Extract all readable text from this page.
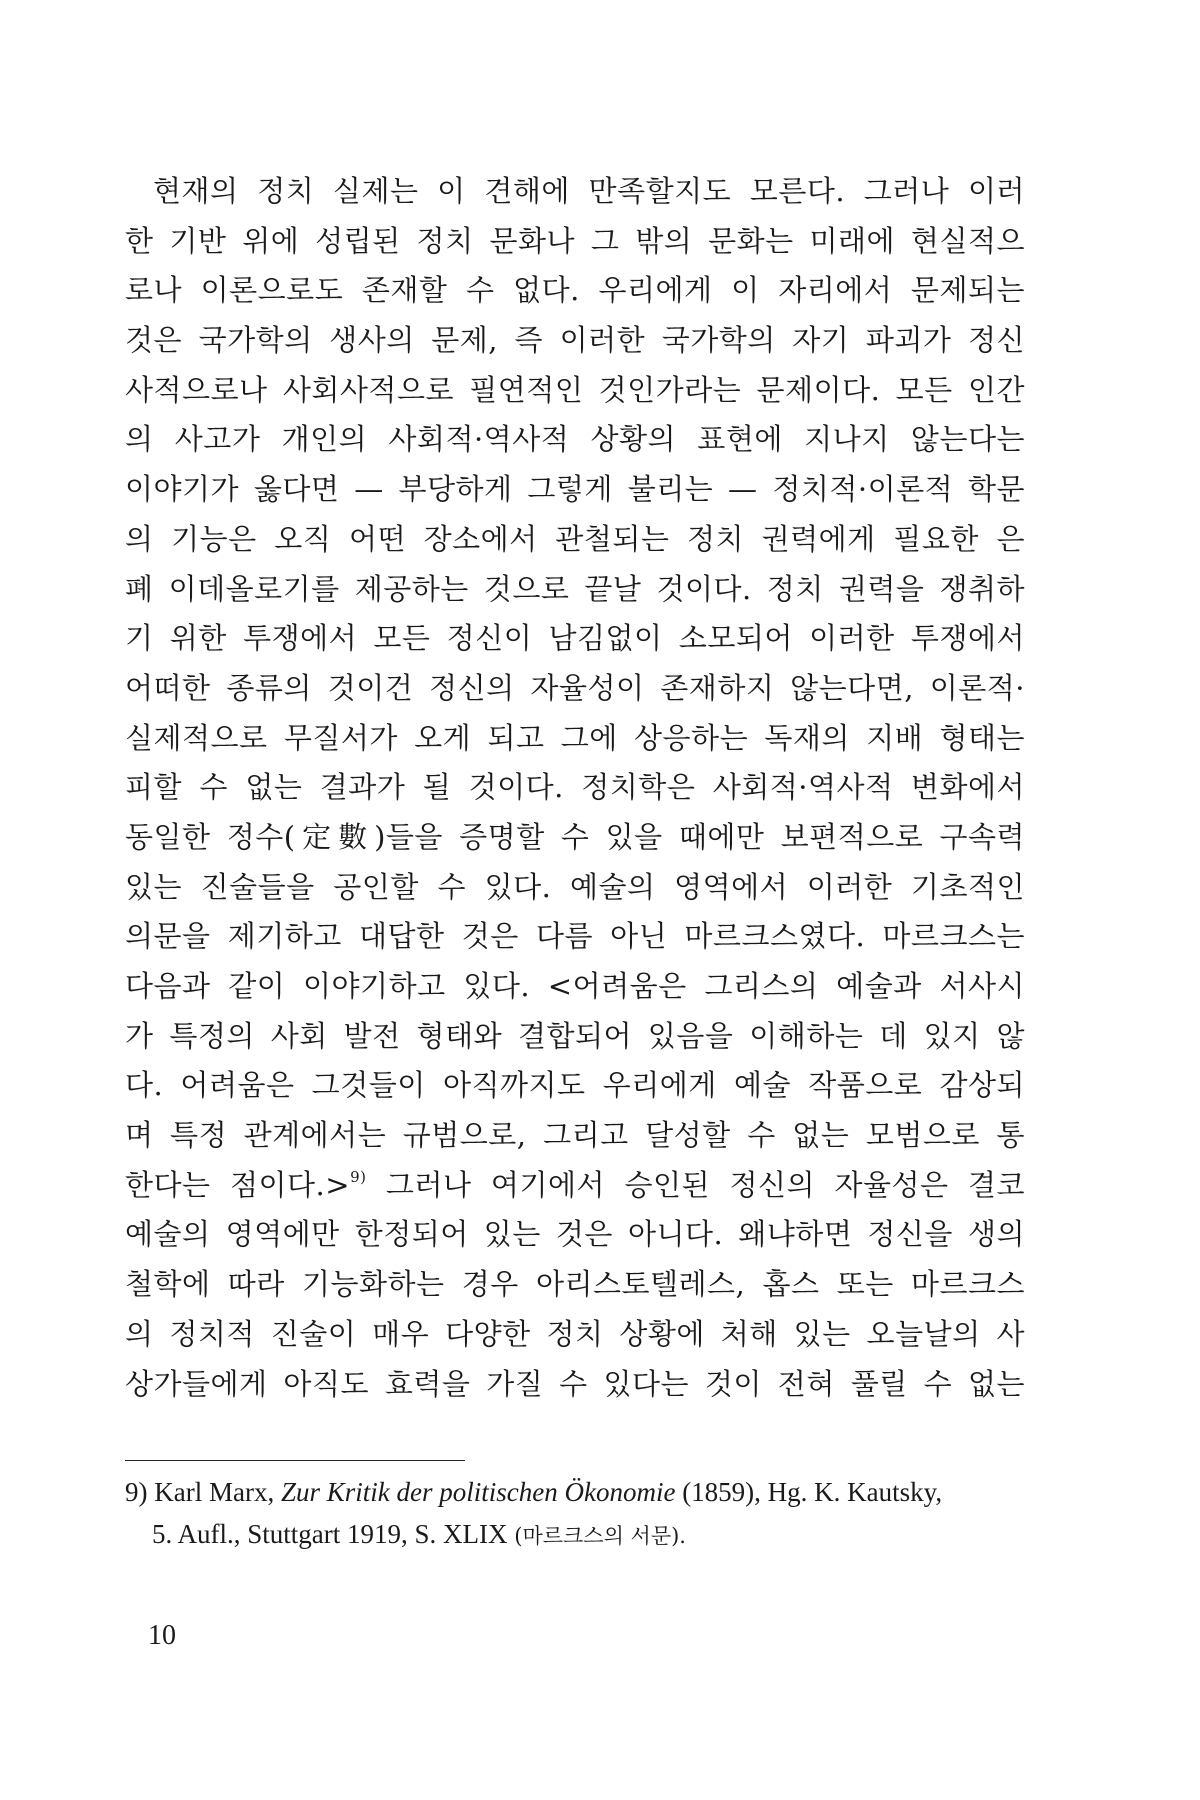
현재의 정치 실제는 이 견해에 만족할지도 모른다. 그러나 이러
한 기반 위에 성립된 정치 문화나 그 밖의 문화는 미래에 현실적으
로나 이론으로도 존재할 수 없다. 우리에게 이 자리에서 문제되는
것은 국가학의 생사의 문제, 즉 이러한 국가학의 자기 파괴가 정신
사적으로나 사회사적으로 필연적인 것인가라는 문제이다. 모든 인간
의 사고가 개인의 사회적·역사적 상황의 표현에 지나지 않는다는
이야기가 옳다면 — 부당하게 그렇게 불리는 — 정치적·이론적 학문
의 기능은 오직 어떤 장소에서 관철되는 정치 권력에게 필요한 은
폐 이데올로기를 제공하는 것으로 끝날 것이다. 정치 권력을 쟁취하
기 위한 투쟁에서 모든 정신이 남김없이 소모되어 이러한 투쟁에서
어떠한 종류의 것이건 정신의 자율성이 존재하지 않는다면, 이론적·
실제적으로 무질서가 오게 되고 그에 상응하는 독재의 지배 형태는
피할 수 없는 결과가 될 것이다. 정치학은 사회적·역사적 변화에서
동일한 정수(定數)들을 증명할 수 있을 때에만 보편적으로 구속력
있는 진술들을 공인할 수 있다. 예술의 영역에서 이러한 기초적인
의문을 제기하고 대답한 것은 다름 아닌 마르크스였다. 마르크스는
다음과 같이 이야기하고 있다. <어려움은 그리스의 예술과 서사시
가 특정의 사회 발전 형태와 결합되어 있음을 이해하는 데 있지 않
다. 어려움은 그것들이 아직까지도 우리에게 예술 작품으로 감상되
며 특정 관계에서는 규범으로, 그리고 달성할 수 없는 모범으로 통
한다는 점이다.>$^{9)}$ 그러나 여기에서 승인된 정신의 자율성은 결코
예술의 영역에만 한정되어 있는 것은 아니다. 왜냐하면 정신을 생의
철학에 따라 기능화하는 경우 아리스토텔레스, 홉스 또는 마르크스
의 정치적 진술이 매우 다양한 정치 상황에 처해 있는 오늘날의 사
상가들에게 아직도 효력을 가질 수 있다는 것이 전혀 풀릴 수 없는
9) Karl Marx, Zur Kritik der politischen Ökonomie (1859), Hg. K. Kautsky,
5. Aufl., Stuttgart 1919, S. XLIX (마르크스의 서문).
10
